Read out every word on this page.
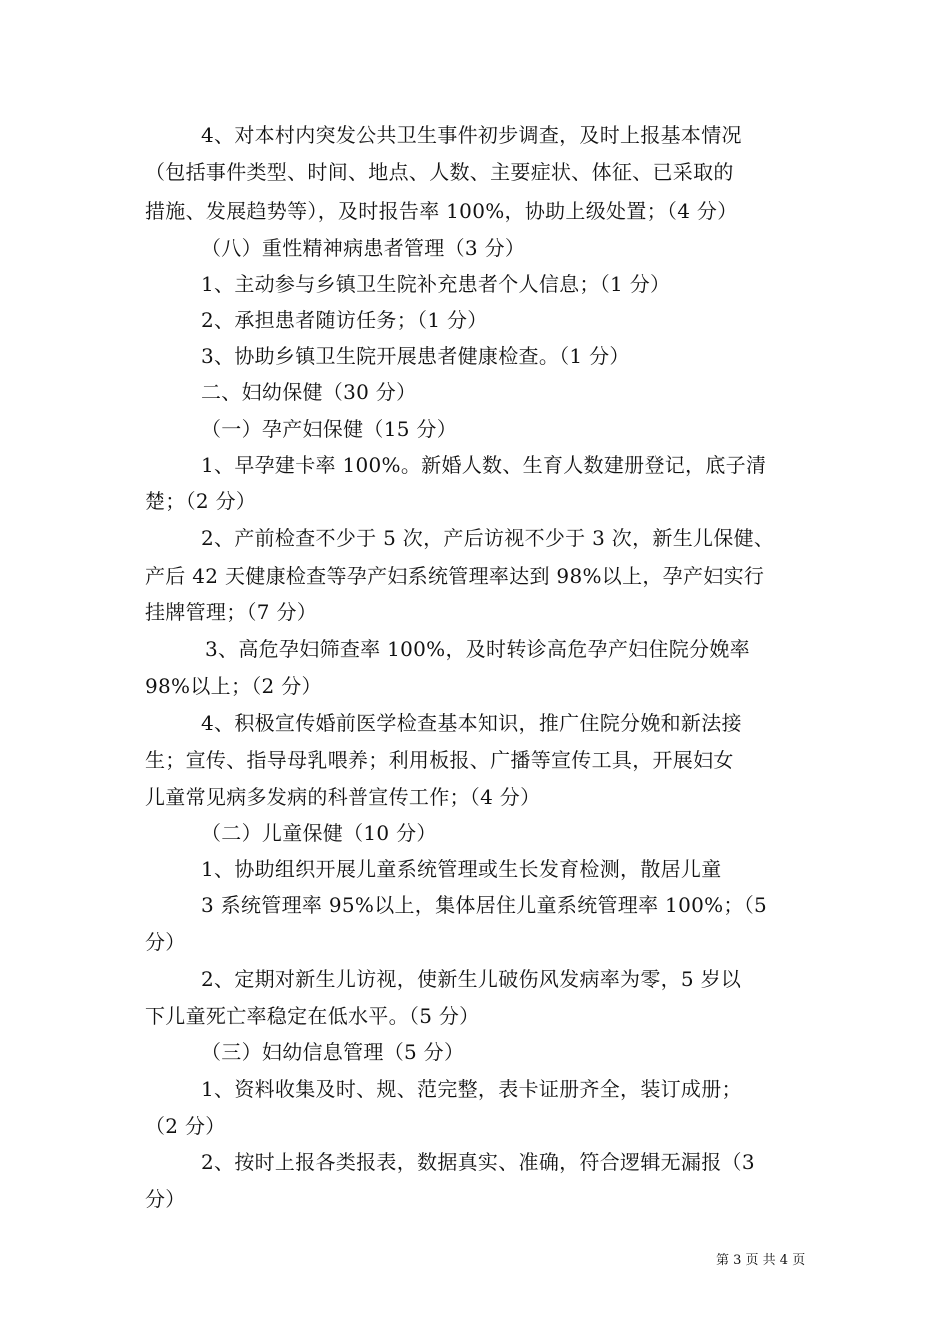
4、对本村内突发公共卫生事件初步调查，及时上报基本情况
（包括事件类型、时间、地点、人数、主要症状、体征、已采取的
措施、发展趋势等），及时报告率 100%，协助上级处置；（4 分）
（八）重性精神病患者管理（3 分）
1、主动参与乡镇卫生院补充患者个人信息；（1 分）
2、承担患者随访任务；（1 分）
3、协助乡镇卫生院开展患者健康检查。（1 分）
二、妇幼保健（30 分）
（一）孕产妇保健（15 分）
1、早孕建卡率 100%。新婚人数、生育人数建册登记，底子清
楚；（2 分）
2、产前检查不少于 5 次，产后访视不少于 3 次，新生儿保健、
产后 42 天健康检查等孕产妇系统管理率达到 98%以上，孕产妇实行
挂牌管理；（7 分）
3、高危孕妇筛查率 100%，及时转诊高危孕产妇住院分娩率
98%以上；（2 分）
4、积极宣传婚前医学检查基本知识，推广住院分娩和新法接
生；宣传、指导母乳喂养；利用板报、广播等宣传工具，开展妇女
儿童常见病多发病的科普宣传工作；（4 分）
（二）儿童保健（10 分）
1、协助组织开展儿童系统管理或生长发育检测，散居儿童
3 系统管理率 95%以上，集体居住儿童系统管理率 100%；（5
分）
2、定期对新生儿访视，使新生儿破伤风发病率为零，5 岁以
下儿童死亡率稳定在低水平。（5 分）
（三）妇幼信息管理（5 分）
1、资料收集及时、规、范完整，表卡证册齐全，装订成册；
（2 分）
2、按时上报各类报表，数据真实、准确，符合逻辑无漏报（3
分）
第 3 页 共 4 页
